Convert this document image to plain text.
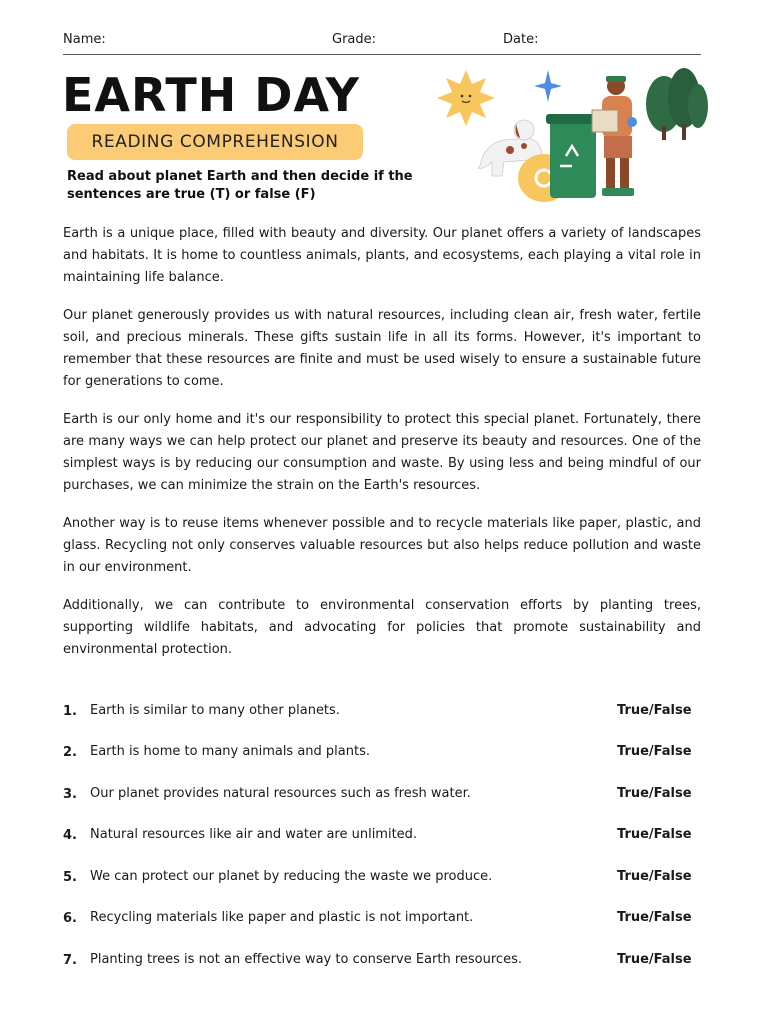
Name:	Grade:	Date:
EARTH DAY
READING COMPREHENSION
Read about planet Earth and then decide if the sentences are true (T) or false (F)

Earth is a unique place, filled with beauty and diversity. Our planet offers a variety of landscapes and habitats. It is home to countless animals, plants, and ecosystems, each playing a vital role in maintaining life balance.

Our planet generously provides us with natural resources, including clean air, fresh water, fertile soil, and precious minerals. These gifts sustain life in all its forms. However, it's important to remember that these resources are finite and must be used wisely to ensure a sustainable future for generations to come.

Earth is our only home and it's our responsibility to protect this special planet. Fortunately, there are many ways we can help protect our planet and preserve its beauty and resources. One of the simplest ways is by reducing our consumption and waste. By using less and being mindful of our purchases, we can minimize the strain on the Earth's resources.

Another way is to reuse items whenever possible and to recycle materials like paper, plastic, and glass. Recycling not only conserves valuable resources but also helps reduce pollution and waste in our environment.

Additionally, we can contribute to environmental conservation efforts by planting trees, supporting wildlife habitats, and advocating for policies that promote sustainability and environmental protection.

1. Earth is similar to many other planets.	True/False
2. Earth is home to many animals and plants.	True/False
3. Our planet provides natural resources such as fresh water.	True/False
4. Natural resources like air and water are unlimited.	True/False
5. We can protect our planet by reducing the waste we produce.	True/False
6. Recycling materials like paper and plastic is not important.	True/False
7. Planting trees is not an effective way to conserve Earth resources.	True/False
